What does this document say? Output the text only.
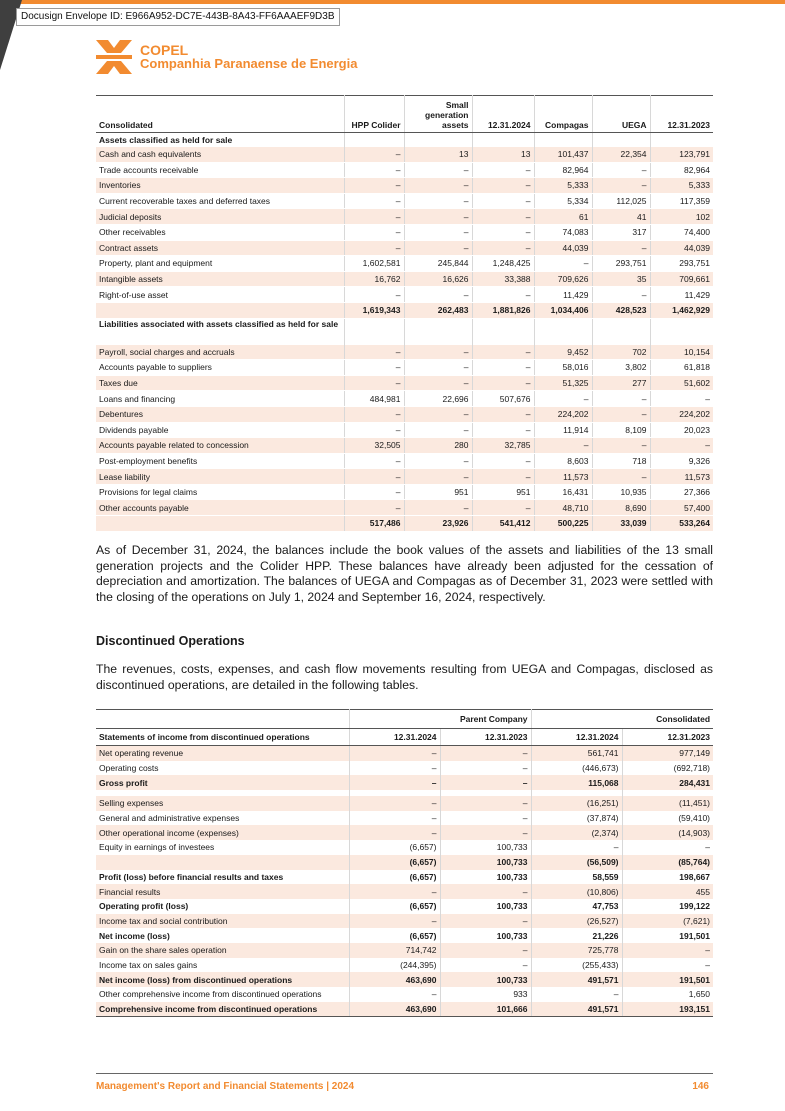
Docusign Envelope ID: E966A952-DC7E-443B-8A43-FF6AAAEF9D3B
COPEL
Companhia Paranaense de Energia
Consolidated	HPP Colider	Small generation assets	12.31.2024	Compagas	UEGA	12.31.2023
Assets classified as held for sale						
Cash and cash equivalents	–	13	13	101,437	22,354	123,791
Trade accounts receivable	–	–	–	82,964	–	82,964
Inventories	–	–	–	5,333	–	5,333
Current recoverable taxes and deferred taxes	–	–	–	5,334	112,025	117,359
Judicial deposits	–	–	–	61	41	102
Other receivables	–	–	–	74,083	317	74,400
Contract assets	–	–	–	44,039	–	44,039
Property, plant and equipment	1,602,581	245,844	1,248,425	–	293,751	293,751
Intangible assets	16,762	16,626	33,388	709,626	35	709,661
Right-of-use asset	–	–	–	11,429	–	11,429
	1,619,343	262,483	1,881,826	1,034,406	428,523	1,462,929
Liabilities associated with assets classified as held for sale						
Payroll, social charges and accruals	–	–	–	9,452	702	10,154
Accounts payable to suppliers	–	–	–	58,016	3,802	61,818
Taxes due	–	–	–	51,325	277	51,602
Loans and financing	484,981	22,696	507,676	–	–	–
Debentures	–	–	–	224,202	–	224,202
Dividends payable	–	–	–	11,914	8,109	20,023
Accounts payable related to concession	32,505	280	32,785	–	–	–
Post-employment benefits	–	–	–	8,603	718	9,326
Lease liability	–	–	–	11,573	–	11,573
Provisions for legal claims	–	951	951	16,431	10,935	27,366
Other accounts payable	–	–	–	48,710	8,690	57,400
	517,486	23,926	541,412	500,225	33,039	533,264
As of December 31, 2024, the balances include the book values of the assets and liabilities of the 13 small generation projects and the Colider HPP. These balances have already been adjusted for the cessation of depreciation and amortization. The balances of UEGA and Compagas as of December 31, 2023 were settled with the closing of the operations on July 1, 2024 and September 16, 2024, respectively.
Discontinued Operations
The revenues, costs, expenses, and cash flow movements resulting from UEGA and Compagas, disclosed as discontinued operations, are detailed in the following tables.
	Parent Company		Consolidated	
Statements of income from discontinued operations	12.31.2024	12.31.2023	12.31.2024	12.31.2023
Net operating revenue	–	–	561,741	977,149
Operating costs	–	–	(446,673)	(692,718)
Gross profit	–	–	115,068	284,431

Selling expenses	–	–	(16,251)	(11,451)
General and administrative expenses	–	–	(37,874)	(59,410)
Other operational income (expenses)	–	–	(2,374)	(14,903)
Equity in earnings of investees	(6,657)	100,733	–	–
	(6,657)	100,733	(56,509)	(85,764)
Profit (loss) before financial results and taxes	(6,657)	100,733	58,559	198,667
Financial results	–	–	(10,806)	455
Operating profit (loss)	(6,657)	100,733	47,753	199,122
Income tax and social contribution	–	–	(26,527)	(7,621)
Net income (loss)	(6,657)	100,733	21,226	191,501
Gain on the share sales operation	714,742	–	725,778	–
Income tax on sales gains	(244,395)	–	(255,433)	–
Net income (loss) from discontinued operations	463,690	100,733	491,571	191,501
Other comprehensive income from discontinued operations	–	933	–	1,650
Comprehensive income from discontinued operations	463,690	101,666	491,571	193,151
Management's Report and Financial Statements | 2024	146
